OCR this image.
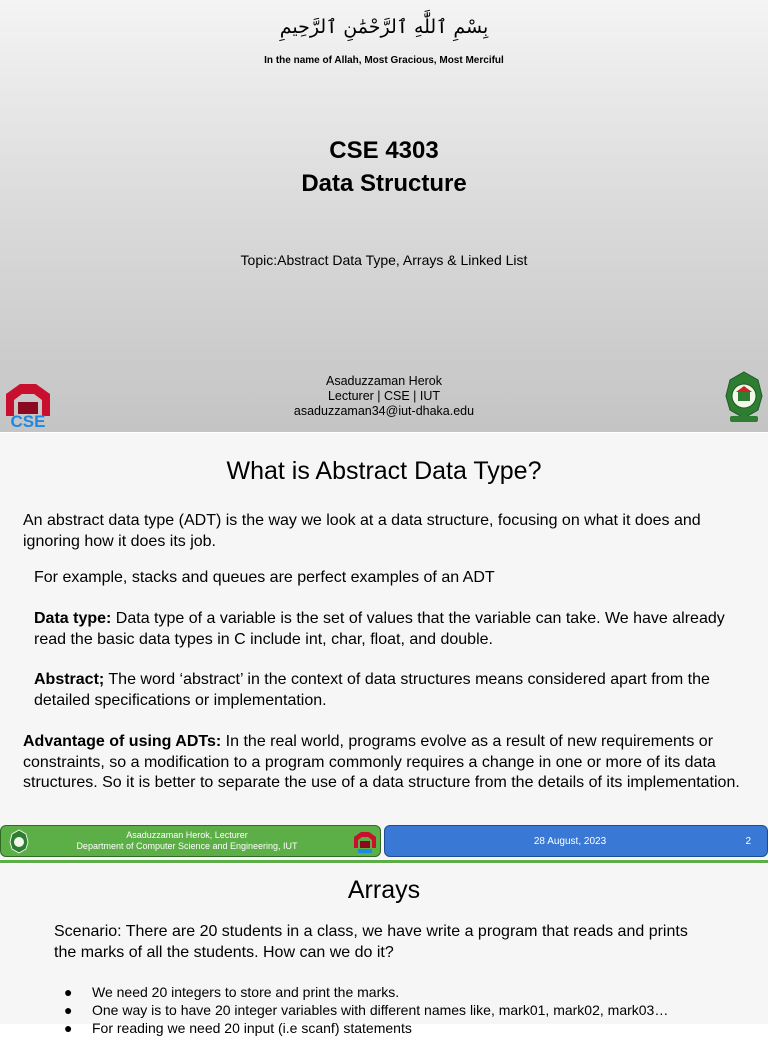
بِسْمِ ٱللَّٰهِ ٱلرَّحْمَٰنِ ٱلرَّحِيمِ
In the name of Allah, Most Gracious, Most Merciful
CSE 4303
Data Structure
Topic:Abstract Data Type, Arrays & Linked List
Asaduzzaman Herok
Lecturer | CSE | IUT
asaduzzaman34@iut-dhaka.edu
CSE
What is Abstract Data Type?
An abstract data type (ADT) is the way we look at a data structure, focusing on what it does and ignoring how it does its job.
For example, stacks and queues are perfect examples of an ADT
Data type: Data type of a variable is the set of values that the variable can take. We have already read the basic data types in C include int, char, float, and double.
Abstract; The word ‘abstract’ in the context of data structures means considered apart from the detailed specifications or implementation.
Advantage of using ADTs: In the real world, programs evolve as a result of new requirements or constraints, so a modification to a program commonly requires a change in one or more of its data structures. So it is better to separate the use of a data structure from the details of its implementation.
Asaduzzaman Herok, Lecturer
Department of Computer Science and Engineering, IUT	28 August, 2023	2
Arrays
Scenario: There are 20 students in a class, we have write a program that reads and prints the marks of all the students. How can we do it?
● We need 20 integers to store and print the marks.
● One way is to have 20 integer variables with different names like, mark01, mark02, mark03…
● For reading we need 20 input (i.e scanf) statements
